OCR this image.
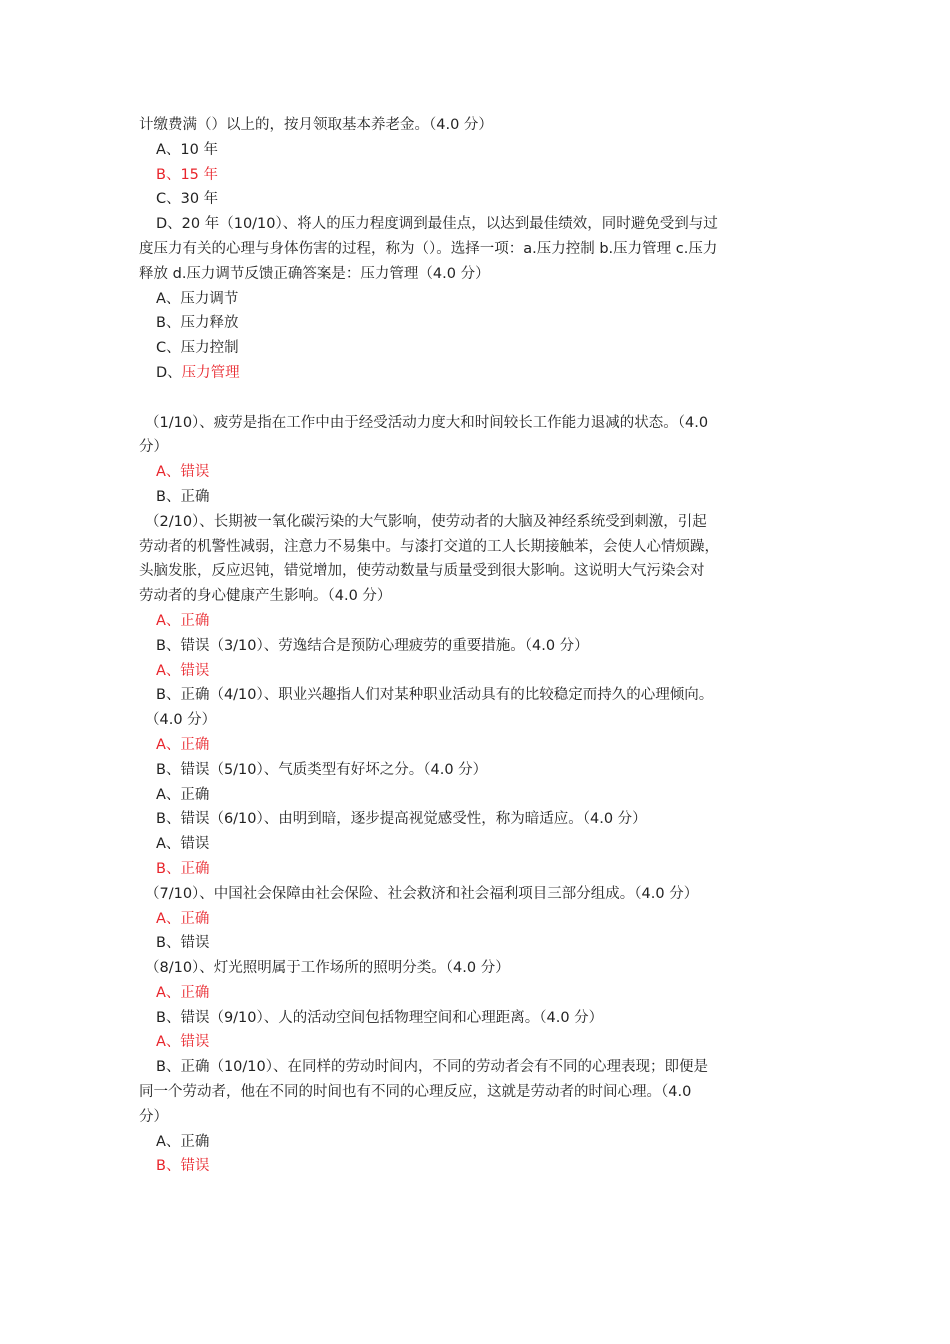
计缴费满（）以上的，按月领取基本养老金。（4.0 分）
A、10 年
B、15 年
C、30 年
D、20 年（10/10）、将人的压力程度调到最佳点，以达到最佳绩效，同时避免受到与过
度压力有关的心理与身体伤害的过程，称为（）。选择一项：a.压力控制 b.压力管理 c.压力
释放 d.压力调节反馈正确答案是：压力管理（4.0 分）
A、压力调节
B、压力释放
C、压力控制
D、压力管理
（1/10）、疲劳是指在工作中由于经受活动力度大和时间较长工作能力退减的状态。（4.0
分）
A、错误
B、正确
（2/10）、长期被一氧化碳污染的大气影响，使劳动者的大脑及神经系统受到刺激，引起
劳动者的机警性减弱，注意力不易集中。与漆打交道的工人长期接触苯，会使人心情烦躁，
头脑发胀，反应迟钝，错觉增加，使劳动数量与质量受到很大影响。这说明大气污染会对
劳动者的身心健康产生影响。（4.0 分）
A、正确
B、错误（3/10）、劳逸结合是预防心理疲劳的重要措施。（4.0 分）
A、错误
B、正确（4/10）、职业兴趣指人们对某种职业活动具有的比较稳定而持久的心理倾向。
（4.0 分）
A、正确
B、错误（5/10）、气质类型有好坏之分。（4.0 分）
A、正确
B、错误（6/10）、由明到暗，逐步提高视觉感受性，称为暗适应。（4.0 分）
A、错误
B、正确
（7/10）、中国社会保障由社会保险、社会救济和社会福利项目三部分组成。（4.0 分）
A、正确
B、错误
（8/10）、灯光照明属于工作场所的照明分类。（4.0 分）
A、正确
B、错误（9/10）、人的活动空间包括物理空间和心理距离。（4.0 分）
A、错误
B、正确（10/10）、在同样的劳动时间内，不同的劳动者会有不同的心理表现；即便是
同一个劳动者，他在不同的时间也有不同的心理反应，这就是劳动者的时间心理。（4.0
分）
A、正确
B、错误
